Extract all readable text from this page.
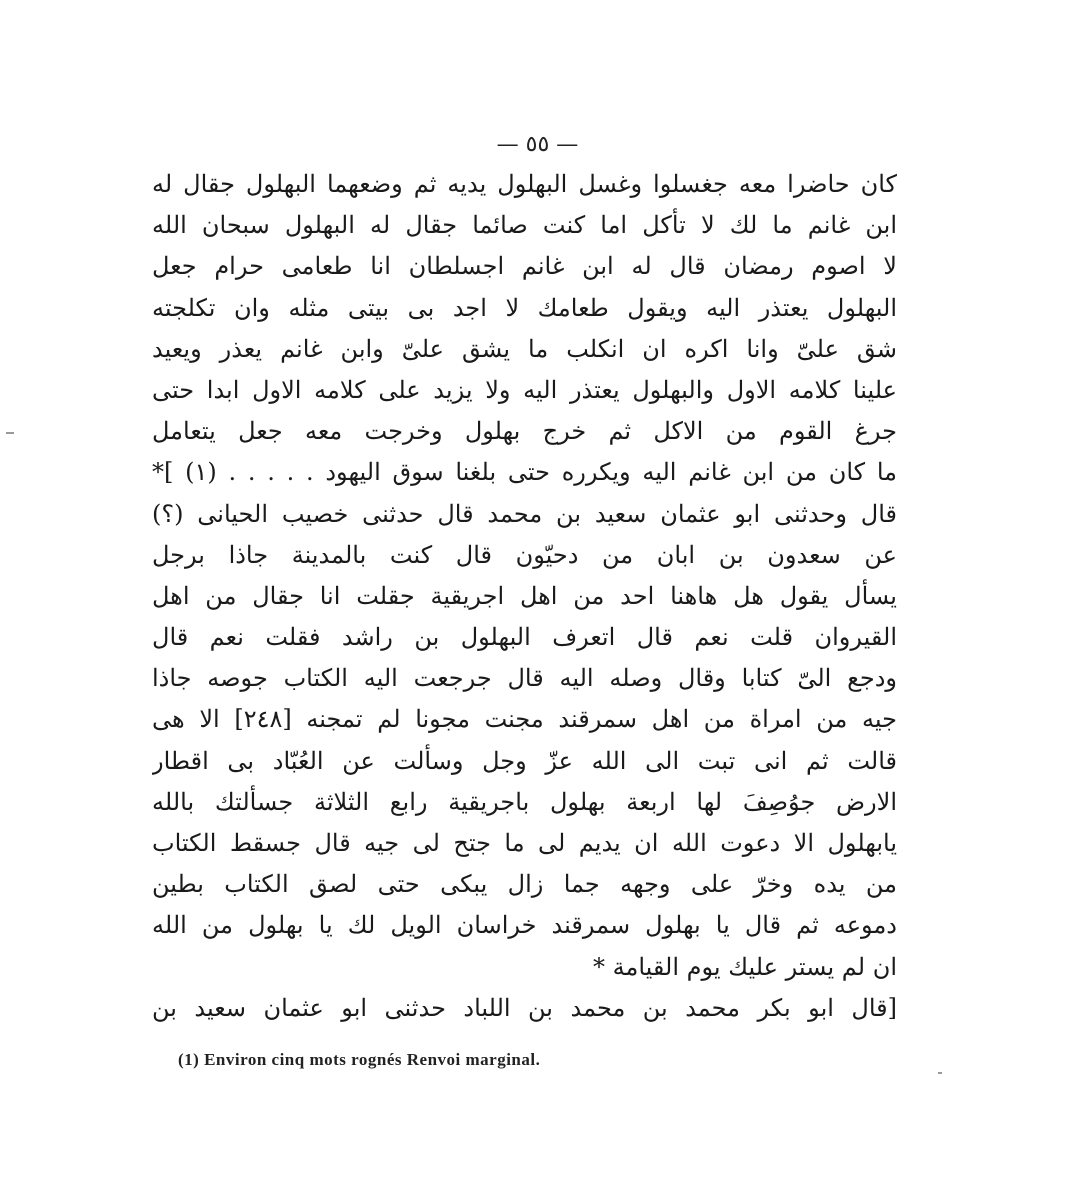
— ٥٥ —
كان حاضرا معه جغسلوا وغسل البهلول يديه ثم وضعهما البهلول جقال له
ابن غانم ما لك لا تأكل اما كنت صائما جقال له البهلول سبحان الله
لا اصوم رمضان قال له ابن غانم اجسلطان انا طعامى حرام جعل
البهلول يعتذر اليه ويقول طعامك لا اجد بى بيتى مثله وان تكلجته
شق علىّ وانا اكره ان انكلب ما يشق علىّ وابن غانم يعذر ويعيد
علينا كلامه الاول والبهلول يعتذر اليه ولا يزيد على كلامه الاول ابدا حتى
جرغ القوم من الاكل ثم خرج بهلول وخرجت معه جعل يتعامل
ما كان من ابن غانم اليه ويكرره حتى بلغنا سوق اليهود . . . . . (١) ]*
قال وحدثنى ابو عثمان سعيد بن محمد قال حدثنى خصيب الحيانى (؟)
عن سعدون بن ابان من دحيّون قال كنت بالمدينة جاذا برجل
يسأل يقول هل هاهنا احد من اهل اجريقية جقلت انا جقال من اهل
القيروان قلت نعم قال اتعرف البهلول بن راشد فقلت نعم قال
ودجع الىّ كتابا وقال وصله اليه قال جرجعت اليه الكتاب جوصه جاذا
جيه من امراة من اهل سمرقند مجنت مجونا لم تمجنه [٢٤٨] الا هى
قالت ثم انى تبت الى الله عزّ وجل وسألت عن العُبّاد بى اقطار
الارض جوُصِفَ لها اربعة بهلول باجريقية رابع الثلاثة جسألتك بالله
يابهلول الا دعوت الله ان يديم لى ما جتح لى جيه قال جسقط الكتاب
من يده وخرّ على وجهه جما زال يبكى حتى لصق الكتاب بطين
دموعه ثم قال يا بهلول سمرقند خراسان الويل لك يا بهلول من الله
ان لم يستر عليك يوم القيامة *
[قال ابو بكر محمد بن محمد بن اللباد حدثنى ابو عثمان سعيد بن
(1) Environ cinq mots rognés Renvoi marginal.
